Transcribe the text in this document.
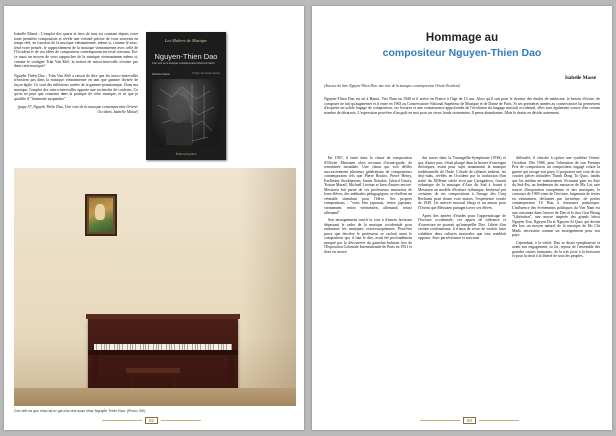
Isabelle Massé : L'emploi des quarts et tiers de tons est constant depuis votre toute première composition et révèle une volonté précise de vous souvenir en temps réel, en fonction de la musique vietnamienne, même si, comme le sous-tend votre pensée, le rapprochement de la musique vietnamienne avec celle de l'Occident et de vos idées de compositeur contemporain est resté constant. Est-ce aussi un moyen de vous rapprocher de la musique vietnamienne même si, comme le souligne Trân Van Khê, la notion de micro-intervalle n'existe pas dans cette musique?

Nguyên Thiên Dao : Trân Van Khê a raison de dire que les micro-intervalles n'existent pas dans la musique vietnamienne en tant que gamme divisée de façon égale. Ce sont des inflexions ornées de la gamme pentatonique. Dans ma musique, l'emploi des micro-intervalles apporte une recherche de couleurs. Ce qu'on ne peut que constater dans la pratique de cette musique, et ce que je qualifie d' "harmonie suspendue".

(page 57, Nguyên Thiên Dao, Une voie de la musique contemporaine Orient-Occident, Isabelle Massé)

Les Maîtres de Musique
Nguyen-Thien Dao
Une voie de la musique contemporaine Orient-Occident
Isabelle Massé	Préface de Claude Samuel
Éditions Papillon
Góc viết và góc nhạc tại tư gia của nhà soạn nhạc Nguyễn Thiện Đạo. (Photo: BK)
82
Hommage au
compositeur Nguyen-Thien Dao
Isabelle Massé
(Auteure du livre Nguyen-Thien Dao: une voie de la musique contemporaine Orient-Occident)

Nguyen-Thien Dao est né à Hanoï, Viet Nam en 1940 et il arrive en France à l'âge de 13 ans. Alors qu'il suit pour le docteur des études de médecine, le besoin d'écrire, de composer ne fait qu'augmenter et il entre en 1963 au Conservatoire National Supérieur de Musique et de Danse de Paris. Si ses premières années au conservatoire lui permettent d'acquérir un solide bagage de compositeur, ses lectures et une connaissance approfondie de l'évolution du langage musical occidental, elles sont également source d'un certain nombre de désarrois. L'expression peut-être d'un goût en moi pour un vieux fonds vietnamien. Il pense abandonner. Mais le destin en décide autrement.

En 1967, il entre dans la classe de composition d'Olivier Messiaen alors reconnu d'avant-garde, de renommée mondiale. Une classe qui voit défiler successivement plusieurs générations de compositeurs contemporains tels que Pierre Boulez, Pierre Henry, Karlheinz Stockhausen, Iannis Xenakis, Gérard Grisey, Tristan Murail, Michaël Levinas et bien d'autres encore. Messiaen fait partie de ces professeurs amoureux de leurs élèves, des méthodes pédagogiques, se révèlent un véritable stimulant pour l'élève. Ses propres compositions : "vous êtes japonais, restez japonais, vietnamien, restez vietnamien, allemand, restez allemand".

Son enseignement ouvrit la voie à d'autres horizons dépassant le cadre de la musique occidentale pour embrasser les musiques extra-européennes. Peut-être parce que derrière le professeur se cachait aussi le compositeur qui, il faut le dire, avait été profondément marqué par la découverte du gamelan balinais lors de l'Exposition Coloniale Internationale de Paris en 1931 et dont on trouve

des traces dans la Turangalîla-Symphonie (1936) et qui, d'autre part, s'était plongé dans la lecture d'ouvrages théoriques, avant pour sujet notamment la musique traditionnelle de l'Inde. L'étude de rythmes indiens, les deçi-talas, révélés en Occident par la traduction d'un traité du XIIIème siècle écrit par Çarngadeva, fournit rythmique de la musique d'Asie du Sud à fourni à Messiaen un modèle d'écriture rythmique. Intéressé par certaines de ses compositions à l'image des Cinq Rechants pour douze voix mixtes, l'expérience vocale de 1949. Un univers musical élargi et un amour pour l'Orient que Messiaen partagera avec ses élèves.

Après des années d'études pour l'apprentissage de l'écriture occidentale, ces appris de tolérance et d'ouverture ne pouvait qu'interpeller Dao. Libéré d'un certain conformisme, il n'aura de cesse de vouloir faire cohabiter deux cultures musicales que tout semblait opposer. Avec persévérance et non sans

difficulté, il cherche à opérer une synthèse Orient-Occident. Dès 1968, pour l'obtention de son Premier Prix de composition, un compositeur engagé contre la guerre qui ravage son pays, il proposera une voie de six courtes pièces intitulées Thanh Dong To Quoc, tandis que les médias ne mentionnent l'écrasant gain en Asie du Sud-Est, au lendemain du massacre de My Lai, une source d'inspiration européenne et dos musiques, le concours de 1969 vient de l'écriture, fragments de textes en vietnamien, déclamés par lui-même, de poètes contemporains Tô Huu à résonance patriotique. L'influence des événements politiques du Viet Nam est une constante dans l'œuvre de Dao et le titre Giai Phong "Libération", une œuvre inspirée des grands héros Nguyen Trai, Nguyen Du et Nguyen Ai Quoc qui devint dès lors un moyen naturel de la musique de Ho Chi Minh, nécessaire comme un enseignement pour son pays.

Cependant, à la vérité, Dao se disait symphoniste et avant son engagement, sa foi, repose de l'ensemble des grandes causes humaines, de la très juste à la bravoure et pour la droit à la liberté de tous les peuples.

83
